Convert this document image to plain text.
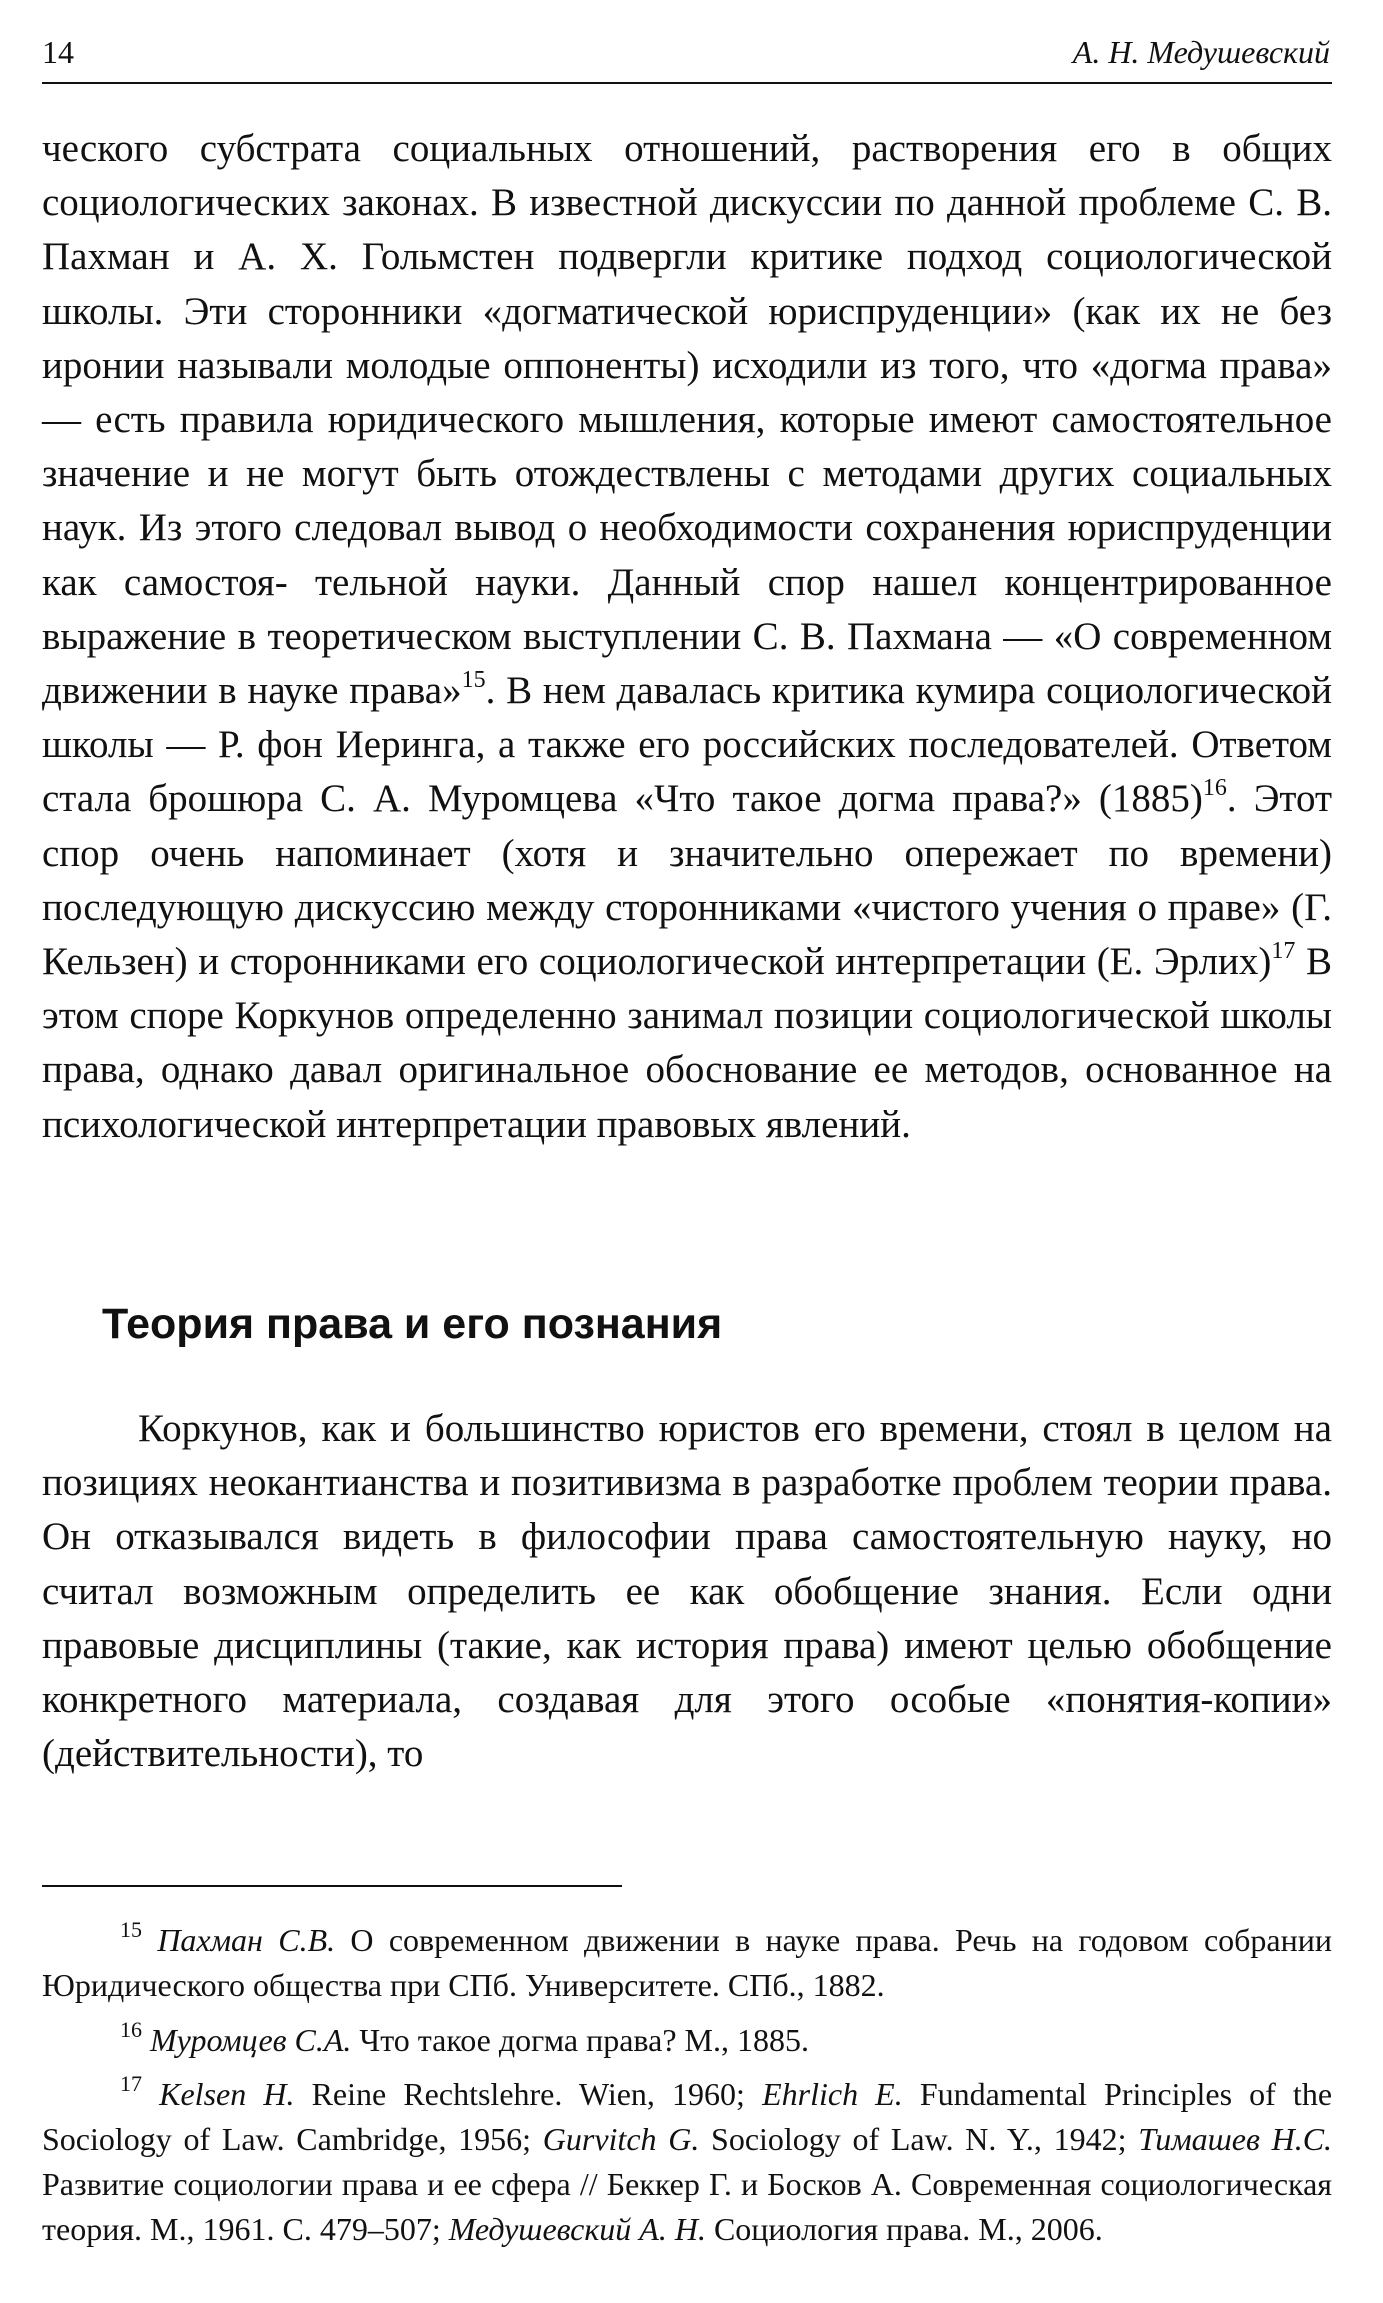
14	А. Н. Медушевский

ческого субстрата социальных отношений, растворения его в общих социологических законах. В известной дискуссии по данной проблеме С. В. Пахман и А. Х. Гольмстен подвергли критике подход социологической школы. Эти сторонники «догматической юриспруденции» (как их не без иронии называли молодые оппоненты) исходили из того, что «догма права» — есть правила юридического мышления, которые имеют самостоятельное значение и не могут быть отождествлены с методами других социальных наук. Из этого следовал вывод о необходимости сохранения юриспруденции как самостоя- тельной науки. Данный спор нашел концентрированное выражение в теоретическом выступлении С. В. Пахмана — «О современном движении в науке права»$^{15}$. В нем давалась критика кумира социологической школы — Р. фон Иеринга, а также его российских последователей. Ответом стала брошюра С. А. Муромцева «Что такое догма права?» $(1885)^{16}$. Этот спор очень напоминает (хотя и значительно опережает по времени) последующую дискуссию между сторонниками «чистого учения о праве» (Г. Кельзен) и сторонниками его социологической интерпретации (Е. Эрлих)$^{17}$ В этом споре Коркунов определенно занимал позиции социологической школы права, однако давал оригинальное обоснование ее методов, основанное на психологической интерпретации правовых явлений.

Теория права и его познания

Коркунов, как и большинство юристов его времени, стоял в целом на позициях неокантианства и позитивизма в разработке проблем теории права. Он отказывался видеть в философии права самостоятельную науку, но считал возможным определить ее как обобщение знания. Если одни правовые дисциплины (такие, как история права) имеют целью обобщение конкретного материала, создавая для этого особые «понятия-копии» (действительности), то

$^{15}$ Пахман С.В. О современном движении в науке права. Речь на годовом собрании Юридического общества при СПб. Университете. СПб., 1882.

$^{16}$ Муромцев С.А. Что такое догма права? М., 1885.

$^{17}$ Kelsen H. Reine Rechtslehre. Wien, 1960; Ehrlich E. Fundamental Principles of the Sociology of Law. Cambridge, 1956; Gurvitch G. Sociology of Law. N. Y., 1942; Тимашев Н.С. Развитие социологии права и ее сфера // Беккер Г. и Босков А. Современная социологическая теория. М., 1961. С. 479–507; Медушевский А. Н. Социология права. М., 2006.
